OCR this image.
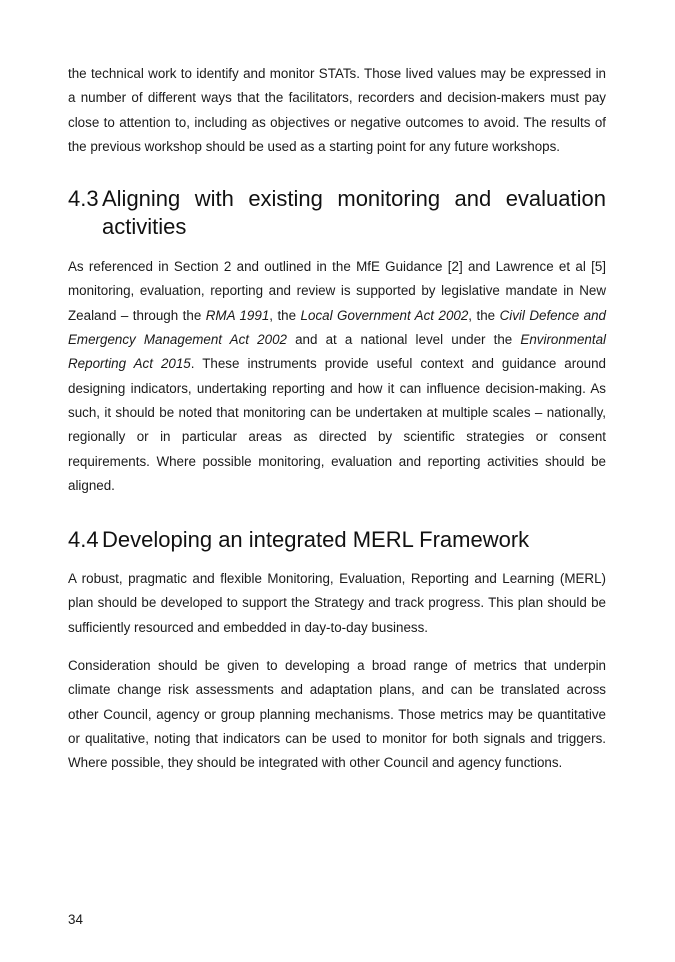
the technical work to identify and monitor STATs. Those lived values may be expressed in a number of different ways that the facilitators, recorders and decision-makers must pay close to attention to, including as objectives or negative outcomes to avoid. The results of the previous workshop should be used as a starting point for any future workshops.

4.3 Aligning with existing monitoring and evaluation activities

As referenced in Section 2 and outlined in the MfE Guidance [2] and Lawrence et al [5] monitoring, evaluation, reporting and review is supported by legislative mandate in New Zealand – through the RMA 1991, the Local Government Act 2002, the Civil Defence and Emergency Management Act 2002 and at a national level under the Environmental Reporting Act 2015. These instruments provide useful context and guidance around designing indicators, undertaking reporting and how it can influence decision-making. As such, it should be noted that monitoring can be undertaken at multiple scales – nationally, regionally or in particular areas as directed by scientific strategies or consent requirements. Where possible monitoring, evaluation and reporting activities should be aligned.

4.4 Developing an integrated MERL Framework

A robust, pragmatic and flexible Monitoring, Evaluation, Reporting and Learning (MERL) plan should be developed to support the Strategy and track progress. This plan should be sufficiently resourced and embedded in day-to-day business.

Consideration should be given to developing a broad range of metrics that underpin climate change risk assessments and adaptation plans, and can be translated across other Council, agency or group planning mechanisms. Those metrics may be quantitative or qualitative, noting that indicators can be used to monitor for both signals and triggers. Where possible, they should be integrated with other Council and agency functions.

34
